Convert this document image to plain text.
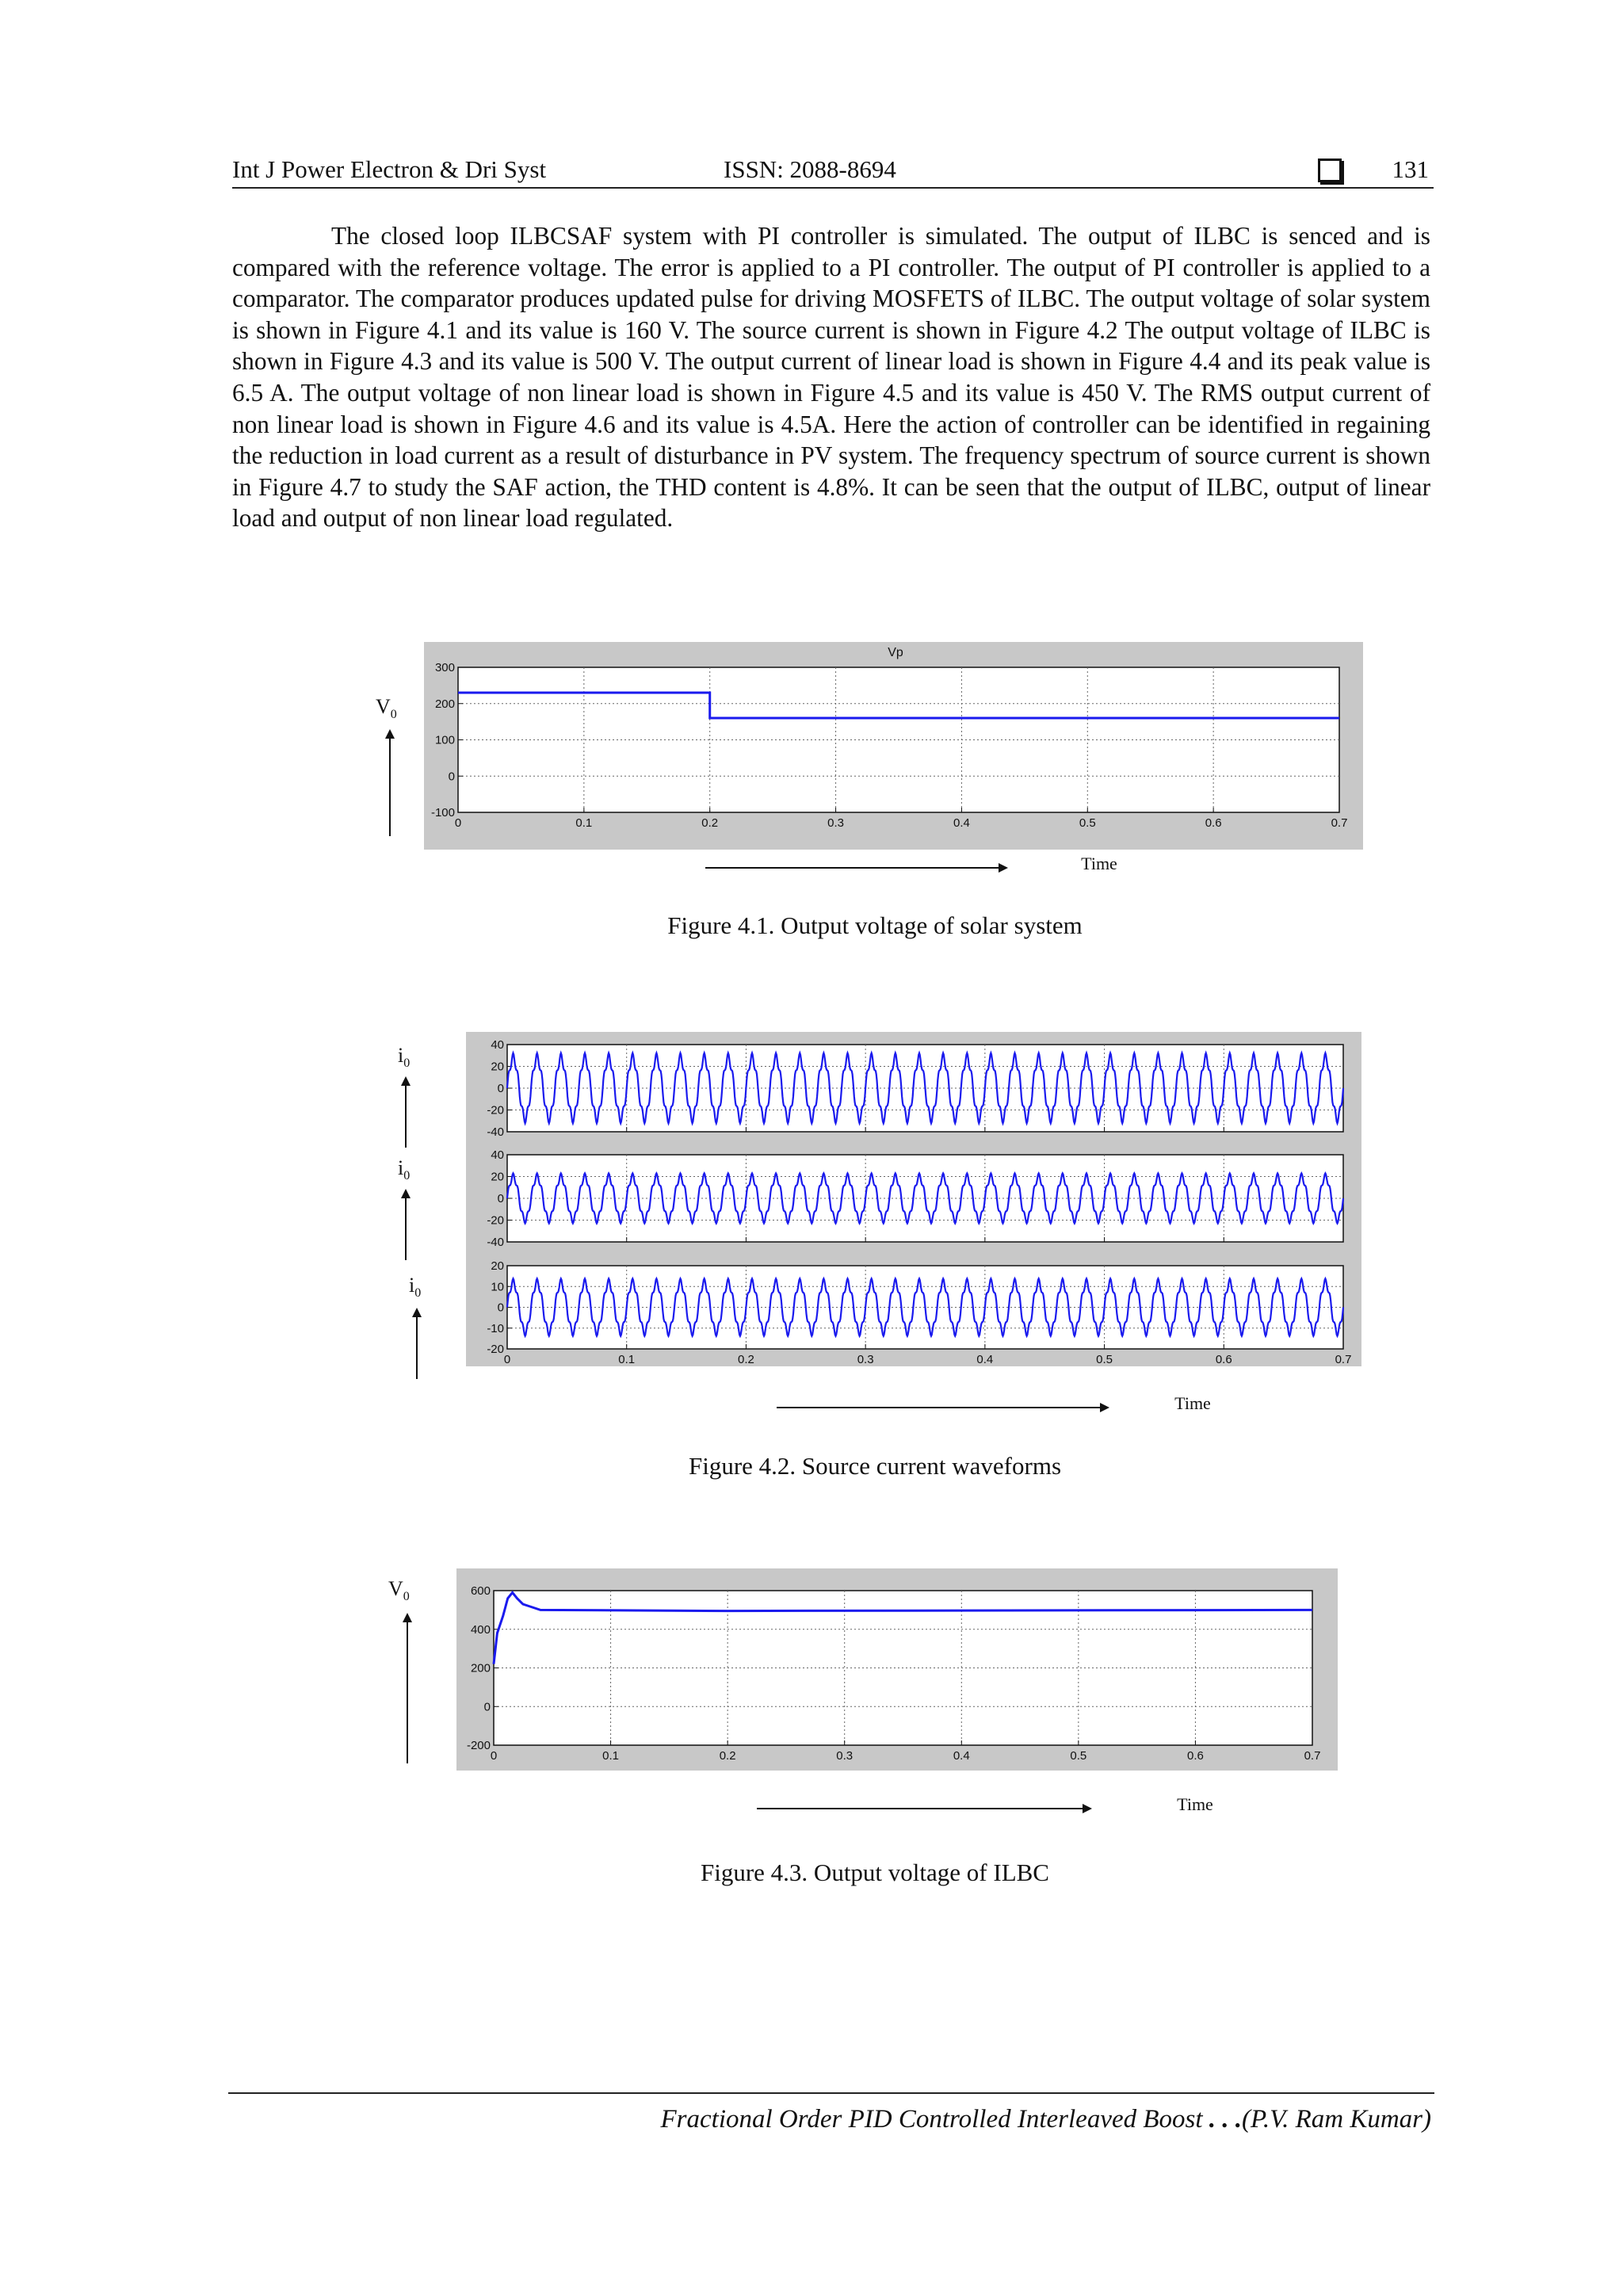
Int J Power Electron & Dri Syst	ISSN: 2088-8694	131

The closed loop ILBCSAF system with PI controller is simulated. The output of ILBC is senced and is compared with the reference voltage. The error is applied to a PI controller. The output of PI controller is applied to a comparator. The comparator produces updated pulse for driving MOSFETS of ILBC. The output voltage of solar system is shown in Figure 4.1 and its value is 160 V. The source current is shown in Figure 4.2 The output voltage of ILBC is shown in Figure 4.3 and its value is 500 V. The output current of linear load is shown in Figure 4.4 and its peak value is 6.5 A. The output voltage of non linear load is shown in Figure 4.5 and its value is 450 V. The RMS output current of non linear load is shown in Figure 4.6 and its value is 4.5A. Here the action of controller can be identified in regaining the reduction in load current as a result of disturbance in PV system. The frequency spectrum of source current is shown in Figure 4.7 to study the SAF action, the THD content is 4.8%. It can be seen that the output of ILBC, output of linear load and output of non linear load regulated.

Vp
0	0.1	0.2	0.3	0.4	0.5	0.6	0.7
300
200
100
0
-100
$V_0$
Time
Figure 4.1. Output voltage of solar system
40
20
0
-20
-40
40
20
0
-20
-40
0	0.1	0.2	0.3	0.4	0.5	0.6	0.7
20
10
0
-10
-20
$i_0$
$i_0$
$i_0$
Time
Figure 4.2. Source current waveforms
0	0.1	0.2	0.3	0.4	0.5	0.6	0.7
600
400
200
0
-200
$V_0$
Time
Figure 4.3. Output voltage of ILBC
Fractional Order PID Controlled Interleaved Boost . . .(P.V. Ram Kumar)
